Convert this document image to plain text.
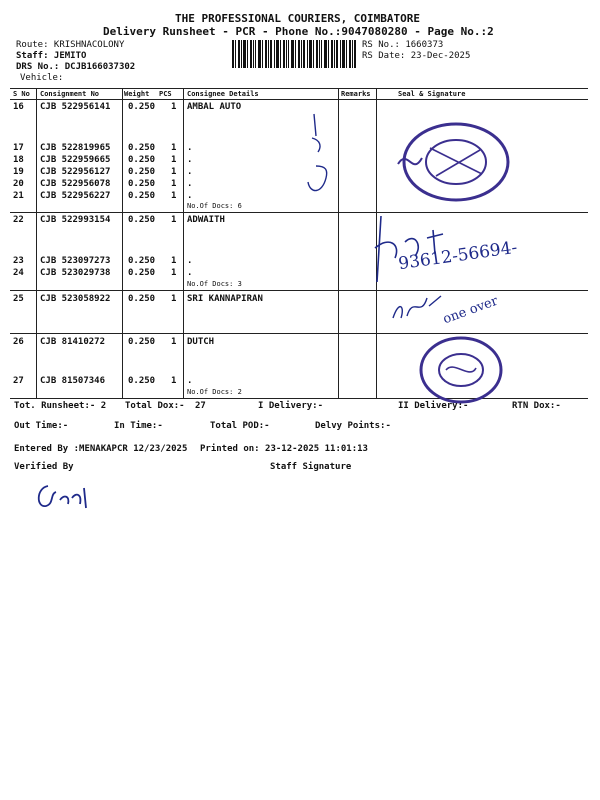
THE PROFESSIONAL COURIERS, COIMBATORE
Delivery Runsheet - PCR - Phone No.:9047080280 - Page No.:2
Route: KRISHNACOLONY
Staff: JEMITO
DRS No.: DCJB166037302
Vehicle:
RS No.: 1660373
RS Date: 23-Dec-2025
S No Consignment No	Weight PCS Consignee Details	Remarks	Seal & Signature
16 CJB 522956141 0.250 1 AMBAL AUTO
17 CJB 522819965 0.250 1 .
18 CJB 522959665 0.250 1 .
19 CJB 522956127 0.250 1 .
20 CJB 522956078 0.250 1 .
21 CJB 522956227 0.250 1 .
No.Of Docs: 6
22 CJB 522993154 0.250 1 ADWAITH
23 CJB 523097273 0.250 1 .
24 CJB 523029738 0.250 1 .
No.Of Docs: 3
25 CJB 523058922 0.250 1 SRI KANNAPIRAN
26 CJB 81410272	0.250 1 DUTCH
27 CJB 81507346	0.250 1 .
No.Of Docs: 2
93612-56694-
one over
Tot. Runsheet:- 2 Total Dox:- 27	I Delivery:-	II Delivery:-	RTN Dox:-
Out Time:-	In Time:-	Total POD:-	Delvy Points:-
Entered By :MENAKAPCR 12/23/2025 Printed on: 23-12-2025 11:01:13
Verified By	Staff Signature
